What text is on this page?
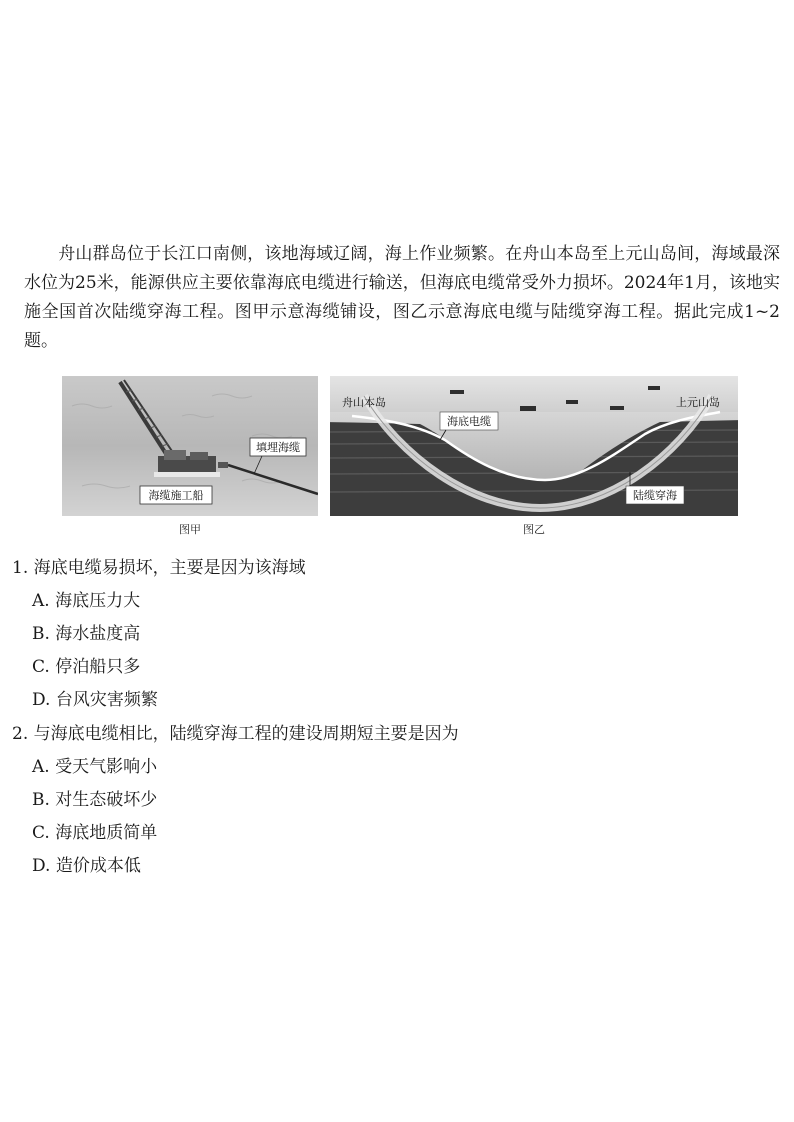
舟山群岛位于长江口南侧，该地海域辽阔，海上作业频繁。在舟山本岛至上元山岛间，海域最深水位为25米，能源供应主要依靠海底电缆进行输送，但海底电缆常受外力损坏。2024年1月，该地实施全国首次陆缆穿海工程。图甲示意海缆铺设，图乙示意海底电缆与陆缆穿海工程。据此完成1~2题。

填埋海缆
海缆施工船
图甲
舟山本岛	上元山岛
海底电缆
陆缆穿海
图乙
1. 海底电缆易损坏，主要是因为该海域
A. 海底压力大
B. 海水盐度高
C. 停泊船只多
D. 台风灾害频繁
2. 与海底电缆相比，陆缆穿海工程的建设周期短主要是因为
A. 受天气影响小
B. 对生态破坏少
C. 海底地质简单
D. 造价成本低
